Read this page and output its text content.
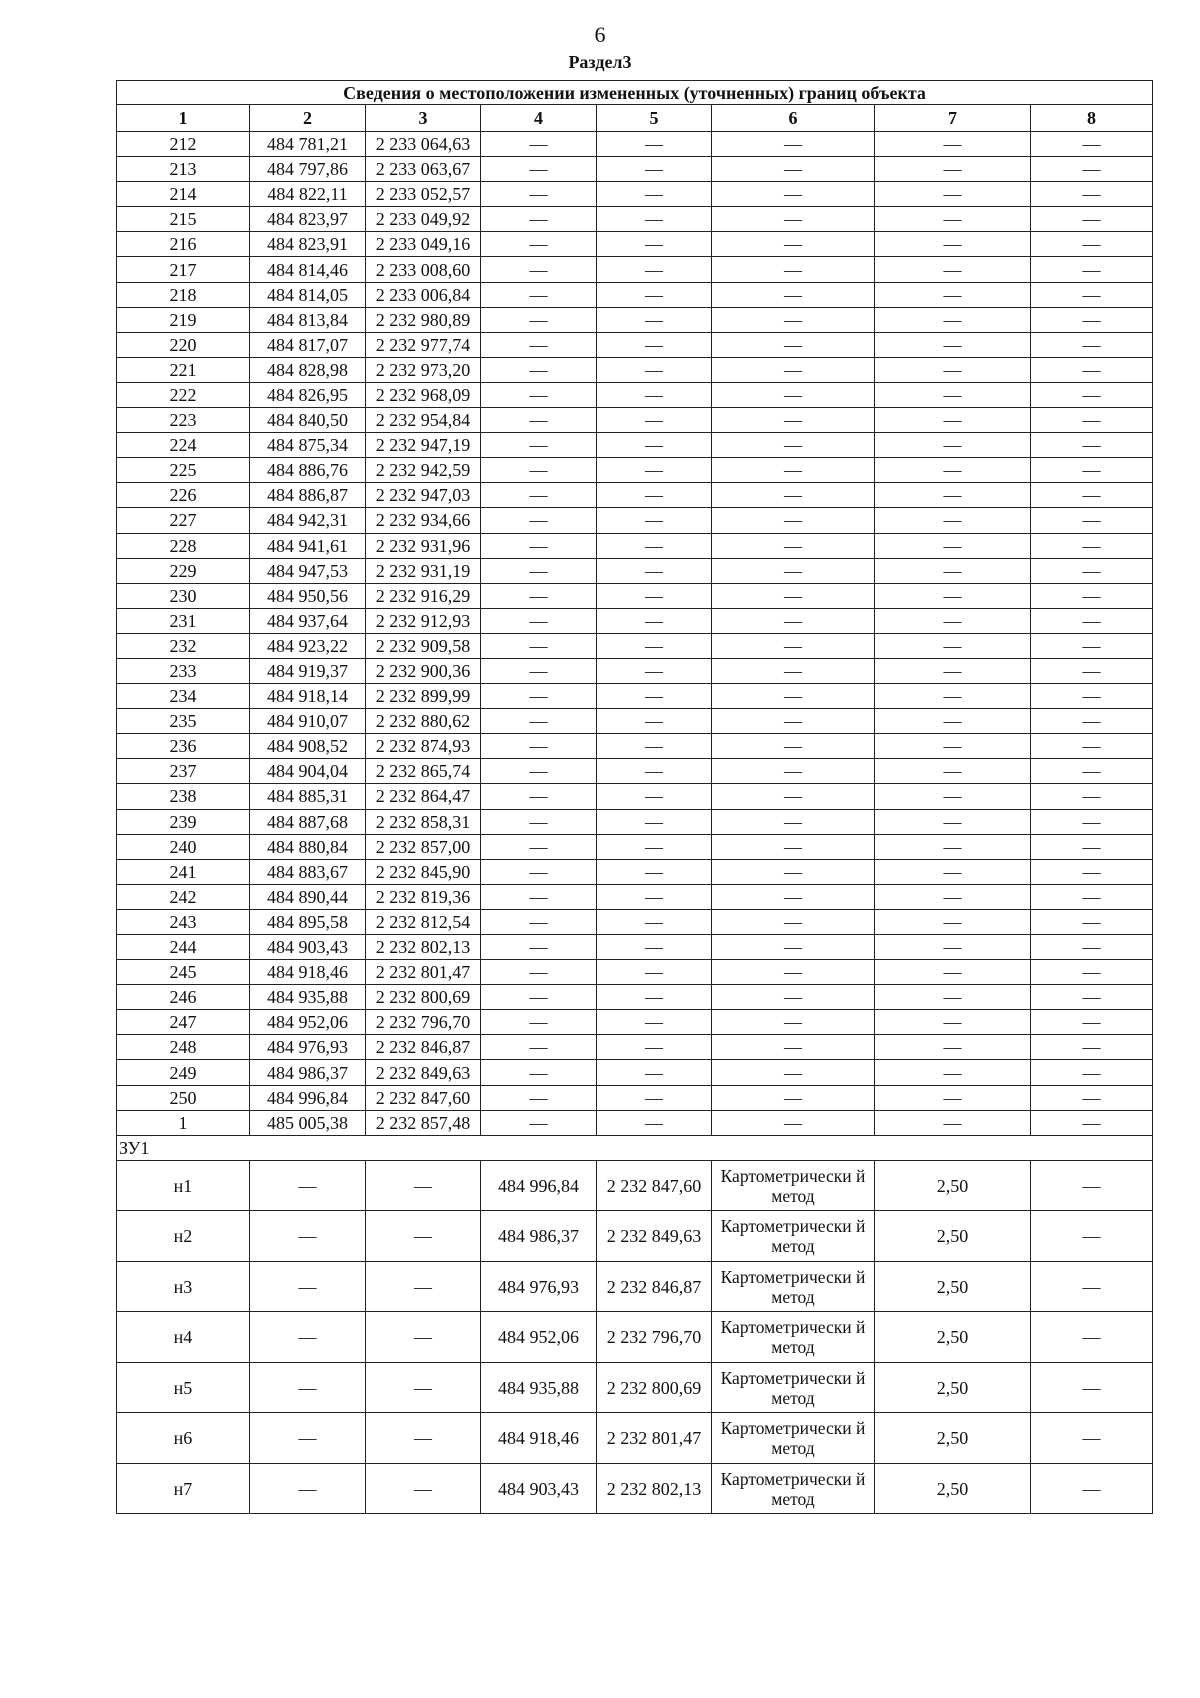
6
Раздел3
Сведения о местоположении измененных (уточненных) границ объекта							
1	2	3	4	5	6	7	8
212	484 781,21	2 233 064,63	—	—	—	—	—
213	484 797,86	2 233 063,67	—	—	—	—	—
214	484 822,11	2 233 052,57	—	—	—	—	—
215	484 823,97	2 233 049,92	—	—	—	—	—
216	484 823,91	2 233 049,16	—	—	—	—	—
217	484 814,46	2 233 008,60	—	—	—	—	—
218	484 814,05	2 233 006,84	—	—	—	—	—
219	484 813,84	2 232 980,89	—	—	—	—	—
220	484 817,07	2 232 977,74	—	—	—	—	—
221	484 828,98	2 232 973,20	—	—	—	—	—
222	484 826,95	2 232 968,09	—	—	—	—	—
223	484 840,50	2 232 954,84	—	—	—	—	—
224	484 875,34	2 232 947,19	—	—	—	—	—
225	484 886,76	2 232 942,59	—	—	—	—	—
226	484 886,87	2 232 947,03	—	—	—	—	—
227	484 942,31	2 232 934,66	—	—	—	—	—
228	484 941,61	2 232 931,96	—	—	—	—	—
229	484 947,53	2 232 931,19	—	—	—	—	—
230	484 950,56	2 232 916,29	—	—	—	—	—
231	484 937,64	2 232 912,93	—	—	—	—	—
232	484 923,22	2 232 909,58	—	—	—	—	—
233	484 919,37	2 232 900,36	—	—	—	—	—
234	484 918,14	2 232 899,99	—	—	—	—	—
235	484 910,07	2 232 880,62	—	—	—	—	—
236	484 908,52	2 232 874,93	—	—	—	—	—
237	484 904,04	2 232 865,74	—	—	—	—	—
238	484 885,31	2 232 864,47	—	—	—	—	—
239	484 887,68	2 232 858,31	—	—	—	—	—
240	484 880,84	2 232 857,00	—	—	—	—	—
241	484 883,67	2 232 845,90	—	—	—	—	—
242	484 890,44	2 232 819,36	—	—	—	—	—
243	484 895,58	2 232 812,54	—	—	—	—	—
244	484 903,43	2 232 802,13	—	—	—	—	—
245	484 918,46	2 232 801,47	—	—	—	—	—
246	484 935,88	2 232 800,69	—	—	—	—	—
247	484 952,06	2 232 796,70	—	—	—	—	—
248	484 976,93	2 232 846,87	—	—	—	—	—
249	484 986,37	2 232 849,63	—	—	—	—	—
250	484 996,84	2 232 847,60	—	—	—	—	—
1	485 005,38	2 232 857,48	—	—	—	—	—
ЗУ1							
н1	—	—	484 996,84	2 232 847,60	Картометрически й метод	2,50	—
н2	—	—	484 986,37	2 232 849,63	Картометрически й метод	2,50	—
н3	—	—	484 976,93	2 232 846,87	Картометрически й метод	2,50	—
н4	—	—	484 952,06	2 232 796,70	Картометрически й метод	2,50	—
н5	—	—	484 935,88	2 232 800,69	Картометрически й метод	2,50	—
н6	—	—	484 918,46	2 232 801,47	Картометрически й метод	2,50	—
н7	—	—	484 903,43	2 232 802,13	Картометрически й метод	2,50	—
